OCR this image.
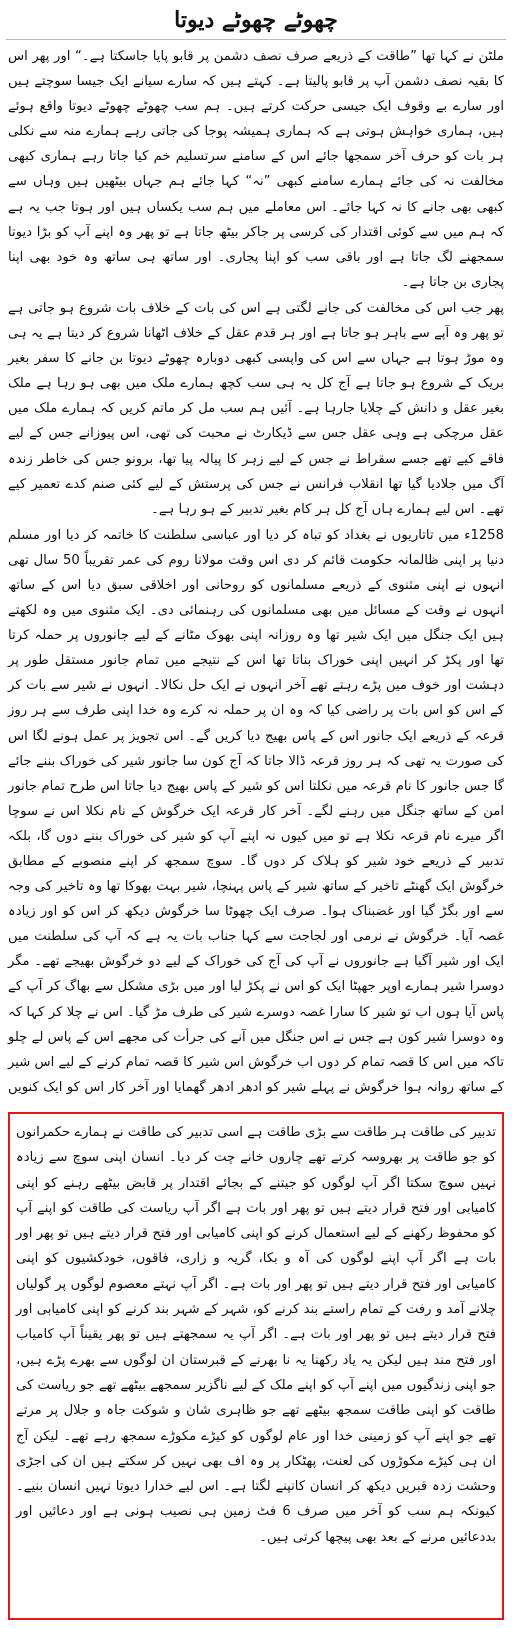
چھوٹے چھوٹے دیوتا

ملٹن نے کہا تھا ”طاقت کے ذریعے صرف نصف دشمن پر قابو پایا جاسکتا ہے۔“ اور پھر اس کا بقیہ نصف دشمن آپ پر قابو پالیتا ہے۔ کہتے ہیں کہ سارے سیانے ایک جیسا سوچتے ہیں اور سارے بے وقوف ایک جیسی حرکت کرتے ہیں۔ ہم سب چھوٹے چھوٹے دیوتا واقع ہوئے ہیں، ہماری خواہش ہوتی ہے کہ ہماری ہمیشہ پوجا کی جاتی رہے ہمارے منہ سے نکلی ہر بات کو حرف آخر سمجھا جائے اس کے سامنے سرتسلیم خم کیا جاتا رہے ہماری کبھی مخالفت نہ کی جائے ہمارے سامنے کبھی ”نہ“ کہا جائے ہم جہاں بیٹھیں ہیں وہاں سے کبھی بھی جانے کا نہ کہا جائے۔ اس معاملے میں ہم سب یکساں ہیں اور ہوتا جب یہ ہے کہ ہم میں سے کوئی اقتدار کی کرسی پر جاکر بیٹھ جاتا ہے تو پھر وہ اپنے آپ کو بڑا دیوتا سمجھنے لگ جاتا ہے اور باقی سب کو اپنا پجاری۔ اور ساتھ ہی ساتھ وہ خود بھی اپنا پجاری بن جاتا ہے۔

پھر جب اس کی مخالفت کی جانے لگتی ہے اس کی بات کے خلاف بات شروع ہو جاتی ہے تو پھر وہ آپے سے باہر ہو جاتا ہے اور ہر قدم عقل کے خلاف اٹھانا شروع کر دیتا ہے یہ ہی وہ موڑ ہوتا ہے جہاں سے اس کی واپسی کبھی دوبارہ چھوٹے دیوتا بن جانے کا سفر بغیر بریک کے شروع ہو جاتا ہے آج کل یہ ہی سب کچھ ہمارے ملک میں بھی ہو رہا ہے ملک بغیر عقل و دانش کے چلایا جارہا ہے۔ آئیں ہم سب مل کر ماتم کریں کہ ہمارے ملک میں عقل مرچکی ہے وہی عقل جس سے ڈیکارٹ نے محبت کی تھی، اس پیوزانے جس کے لیے فاقے کیے تھے جسے سقراط نے جس کے لیے زہر کا پیالہ پیا تھا، برونو جس کی خاطر زندہ آگ میں جلادیا گیا تھا انقلاب فرانس نے جس کی پرستش کے لیے کئی صنم کدے تعمیر کیے تھے۔ اس لیے ہمارے ہاں آج کل ہر کام بغیر تدبیر کے ہو رہا ہے۔

1258ء میں تاتاریوں نے بغداد کو تباہ کر دیا اور عباسی سلطنت کا خاتمہ کر دیا اور مسلم دنیا پر اپنی ظالمانہ حکومت قائم کر دی اس وقت مولانا روم کی عمر تقریباً 50 سال تھی انہوں نے اپنی مثنوی کے ذریعے مسلمانوں کو روحانی اور اخلاقی سبق دیا اس کے ساتھ انہوں نے وقت کے مسائل میں بھی مسلمانوں کی رہنمائی دی۔ ایک مثنوی میں وہ لکھتے ہیں ایک جنگل میں ایک شیر تھا وہ روزانہ اپنی بھوک مٹانے کے لیے جانوروں پر حملہ کرتا تھا اور پکڑ کر انہیں اپنی خوراک بناتا تھا اس کے نتیجے میں تمام جانور مستقل طور پر دہشت اور خوف میں پڑے رہتے تھے آخر انہوں نے ایک حل نکالا۔ انہوں نے شیر سے بات کر کے اس کو اس بات پر راضی کیا کہ وہ ان پر حملہ نہ کرے وہ خدا اپنی طرف سے ہر روز قرعہ کے ذریعے ایک جانور اس کے پاس بھیج دیا کریں گے۔ اس تجویز پر عمل ہونے لگا اس کی صورت یہ تھی کہ ہر روز قرعہ ڈالا جاتا کہ آج کون سا جانور شیر کی خوراک بننے جائے گا جس جانور کا نام قرعہ میں نکلتا اس کو شیر کے پاس بھیج دیا جاتا اس طرح تمام جانور امن کے ساتھ جنگل میں رہنے لگے۔ آخر کار قرعہ ایک خرگوش کے نام نکلا اس نے سوچا اگر میرے نام قرعہ نکلا ہے تو میں کیوں نہ اپنے آپ کو شیر کی خوراک بننے دوں گا، بلکہ تدبیر کے ذریعے خود شیر کو ہلاک کر دوں گا۔ سوچ سمجھ کر اپنے منصوبے کے مطابق خرگوش ایک گھنٹے تاخیر کے ساتھ شیر کے پاس پہنچا، شیر بہت بھوکا تھا وہ تاخیر کی وجہ سے اور بگڑ گیا اور غضبناک ہوا۔ صرف ایک چھوٹا سا خرگوش دیکھ کر اس کو اور زیادہ غصہ آیا۔ خرگوش نے نرمی اور لجاجت سے کہا جناب بات یہ ہے کہ آپ کی سلطنت میں ایک اور شیر آگیا ہے جانوروں نے آپ کی آج کی خوراک کے لیے دو خرگوش بھیجے تھے۔ مگر دوسرا شیر ہمارے اوپر جھپٹا ایک کو اس نے پکڑ لیا اور میں بڑی مشکل سے بھاگ کر آپ کے پاس آیا ہوں اب تو شیر کا سارا غصہ دوسرے شیر کی طرف مڑ گیا۔ اس نے چلا کر کہا کہ وہ دوسرا شیر کون ہے جس نے اس جنگل میں آنے کی جرأت کی مجھے اس کے پاس لے چلو تاکہ میں اس کا قصہ تمام کر دوں اب خرگوش اس شیر کا قصہ تمام کرنے کے لیے اس شیر کے ساتھ روانہ ہوا خرگوش نے پہلے شیر کو ادھر ادھر گھمایا اور آخر کار اس کو ایک کنویں

تدبیر کی طاقت ہر طاقت سے بڑی طاقت ہے اسی تدبیر کی طاقت نے ہمارے حکمرانوں کو جو طاقت پر بھروسہ کرتے تھے چاروں خانے چت کر دیا۔ انسان اپنی سوچ سے زیادہ نہیں سوچ سکتا اگر آپ لوگوں کو جیتنے کے بجائے اقتدار پر قابض بیٹھے رہنے کو اپنی کامیابی اور فتح قرار دیتے ہیں تو پھر اور بات ہے اگر آپ ریاست کی طاقت کو اپنے آپ کو محفوظ رکھنے کے لیے استعمال کرنے کو اپنی کامیابی اور فتح قرار دیتے ہیں تو پھر اور بات ہے اگر آپ اپنے لوگوں کی آہ و بکا، گریہ و زاری، فاقوں، خودکشیوں کو اپنی کامیابی اور فتح قرار دیتے ہیں تو پھر اور بات ہے۔ اگر آپ نہتے معصوم لوگوں پر گولیاں چلانے آمد و رفت کے تمام راستے بند کرنے کو، شہر کے شہر بند کرنے کو اپنی کامیابی اور فتح قرار دیتے ہیں تو پھر اور بات ہے۔ اگر آپ یہ سمجھتے ہیں تو پھر یقیناً آپ کامیاب اور فتح مند ہیں لیکن یہ یاد رکھنا یہ نا بھرنے کے قبرستان ان لوگوں سے بھرے پڑے ہیں، جو اپنی زندگیوں میں اپنے آپ کو اپنے ملک کے لیے ناگزیر سمجھے بیٹھے تھے جو ریاست کی طاقت کو اپنی طاقت سمجھ بیٹھے تھے جو ظاہری شان و شوکت جاہ و جلال پر مرتے تھے جو اپنے آپ کو زمینی خدا اور عام لوگوں کو کیڑے مکوڑے سمجھ رہے تھے۔ لیکن آج ان ہی کیڑے مکوڑوں کی لعنت، پھٹکار پر وہ اف بھی نہیں کر سکتے ہیں ان کی اجڑی وحشت زدہ قبریں دیکھ کر انسان کانپنے لگتا ہے۔ اس لیے خدارا دیوتا نہیں انسان بنیے۔ کیونکہ ہم سب کو آخر میں صرف 6 فٹ زمین ہی نصیب ہونی ہے اور دعائیں اور بددعائیں مرنے کے بعد بھی پیچھا کرتی ہیں۔
